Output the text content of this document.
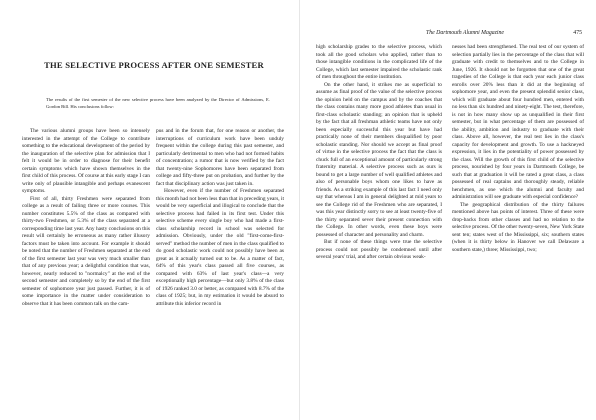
THE SELECTIVE PROCESS AFTER ONE SEMESTER

The results of the first semester of the new selective process have been analyzed by the Director of Admissions, E. Gordon Bill. His conclusions follow:

The various alumni groups have been so intensely interested in the attempt of the College to contribute something to the educational development of the period by the inauguration of the selective plan for admission that I felt it would be in order to diagnose for their benefit certain symptoms which have shown themselves in the first child of this process. Of course at this early stage I can write only of plausible intangible and perhaps evanescent symptoms.

First of all, thirty Freshmen were separated from college as a result of failing three or more courses. This number constitutes 5.5% of the class as compared with thirty-two Freshmen, or 5.3% of the class separated at a corresponding time last year. Any hasty conclusions on this result will certainly be erroneous as many rather illusory factors must be taken into account. For example it should be noted that the number of Freshmen separated at the end of the first semester last year was very much smaller than that of any previous year; a delightful condition that was, however, nearly reduced to "normalcy" at the end of the second semester and completely so by the end of the first semester of sophomore year just passed. Further, it is of some importance in the matter under consideration to observe that it has been common talk on the cam-

pus and in the forum that, for one reason or another, the interruptions of curriculum work have been unduly frequent within the college during this past semester, and particularly detrimental to men who had not formed habits of concentration; a rumor that is now verified by the fact that twenty-nine Sophomores have been separated from college and fifty-three put on probation, and further by the fact that disciplinary action was just taken in.

However, even if the number of Freshmen separated this month had not been less than that in preceding years, it would be very superficial and illogical to conclude that the selective process had failed in its first test. Under this selective scheme every single boy who had made a first-class scholarship record in school was selected for admission. Obviously, under the old "first-come-first-served" method the number of men in the class qualified to do good scholastic work could not possibly have been as great as it actually turned out to be. As a matter of fact, 64% of this year's class passed all five courses, as compared with 63% of last year's class—a very exceptionally high percentage—but only 3.8% of the class of 1926 ranked 3.0 or better, as compared with 8.7% of the class of 1925; but, in my estimation it would be absurd to attribute this inferior record in

The Dartmouth Alumni Magazine	475

high scholarship grades to the selective process, which took all the good scholars who applied, rather than to those intangible conditions in the complicated life of the College, which last semester impaired the scholastic rank of men throughout the entire institution.

On the other hand, it strikes me as superficial to assume as final proof of the value of the selective process the opinion held on the campus and by the coaches that the class contains many more good athletes than usual in first-class scholastic standing; an opinion that is upheld by the fact that all freshman athletic teams have not only been especially successful this year but have had practically none of their members disqualified by poor scholastic standing. Nor should we accept as final proof of virtue in the selective process the fact that the class is chuck full of an exceptional amount of particularly strong fraternity material. A selective process such as ours is bound to get a large number of well qualified athletes and also of personable boys whom one likes to have as friends. As a striking example of this last fact I need only say that whereas I am in general delighted at mid years to see the College rid of the Freshmen who are separated, I was this year distinctly sorry to see at least twenty-five of the thirty separated sever their present connection with the College. In other words, even these boys were possessed of character and personality and charm.

But if none of these things were true the selective process could not possibly be condemned until after several years' trial, and after certain obvious weak-

nesses had been strengthened. The real test of our system of selection partially lies in the percentage of the class that will graduate with credit to themselves and to the College in June, 1926. It should not be forgotten that one of the great tragedies of the College is that each year each junior class enrolls over 20% less than it did at the beginning of sophomore year, and even the present splendid senior class, which will graduate about four hundred men, entered with no less than six hundred and ninety-eight. The test, therefore, is not in how many show up as unqualified in their first semester, but in what percentage of them are possessed of the ability, ambition and industry to graduate with their class. Above all, however, the real test lies in the class's capacity for development and growth. To use a hackneyed expression, it lies in the potentiality of power possessed by the class. Will the growth of this first child of the selective process, nourished by four years in Dartmouth College, be such that at graduation it will be rated a great class, a class possessed of real captains and thoroughly steady, reliable henchmen, as one which the alumni and faculty and administration will see graduate with especial confidence?

The geographical distribution of the thirty failures mentioned above has points of interest. Three of these were drop-backs from other classes and had no relation to the selective process. Of the other twenty-seven, New York State sent ten; states west of the Mississippi, six; southern states (when it is thirty below in Hanover we call Delaware a southern state,) three; Mississippi, two;
